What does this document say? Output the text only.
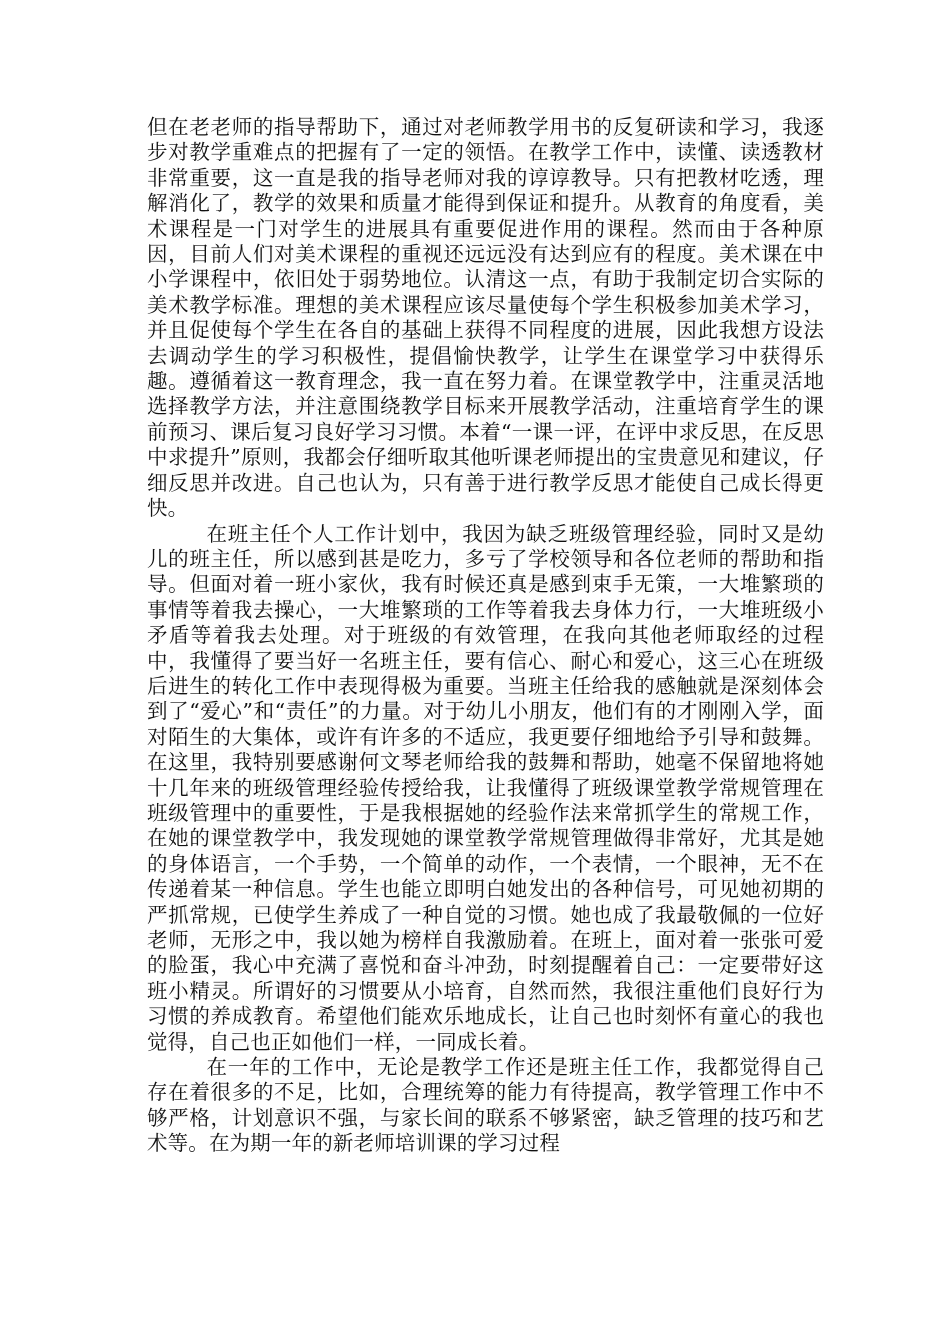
但在老老师的指导帮助下，通过对老师教学用书的反复研读和学习，我逐步对教学重难点的把握有了一定的领悟。在教学工作中，读懂、读透教材非常重要，这一直是我的指导老师对我的谆谆教导。只有把教材吃透，理解消化了，教学的效果和质量才能得到保证和提升。从教育的角度看，美术课程是一门对学生的进展具有重要促进作用的课程。然而由于各种原因，目前人们对美术课程的重视还远远没有达到应有的程度。美术课在中小学课程中，依旧处于弱势地位。认清这一点，有助于我制定切合实际的美术教学标准。理想的美术课程应该尽量使每个学生积极参加美术学习，并且促使每个学生在各自的基础上获得不同程度的进展，因此我想方设法去调动学生的学习积极性，提倡愉快教学，让学生在课堂学习中获得乐趣。遵循着这一教育理念，我一直在努力着。在课堂教学中，注重灵活地选择教学方法，并注意围绕教学目标来开展教学活动，注重培育学生的课前预习、课后复习良好学习习惯。本着“一课一评，在评中求反思，在反思中求提升”原则，我都会仔细听取其他听课老师提出的宝贵意见和建议，仔细反思并改进。自己也认为，只有善于进行教学反思才能使自己成长得更快。

在班主任个人工作计划中，我因为缺乏班级管理经验，同时又是幼儿的班主任，所以感到甚是吃力，多亏了学校领导和各位老师的帮助和指导。但面对着一班小家伙，我有时候还真是感到束手无策，一大堆繁琐的事情等着我去操心，一大堆繁琐的工作等着我去身体力行，一大堆班级小矛盾等着我去处理。对于班级的有效管理，在我向其他老师取经的过程中，我懂得了要当好一名班主任，要有信心、耐心和爱心，这三心在班级后进生的转化工作中表现得极为重要。当班主任给我的感触就是深刻体会到了“爱心”和“责任”的力量。对于幼儿小朋友，他们有的才刚刚入学，面对陌生的大集体，或许有许多的不适应，我更要仔细地给予引导和鼓舞。在这里，我特别要感谢何文琴老师给我的鼓舞和帮助，她毫不保留地将她十几年来的班级管理经验传授给我，让我懂得了班级课堂教学常规管理在班级管理中的重要性，于是我根据她的经验作法来常抓学生的常规工作，在她的课堂教学中，我发现她的课堂教学常规管理做得非常好，尤其是她的身体语言，一个手势，一个简单的动作，一个表情，一个眼神，无不在传递着某一种信息。学生也能立即明白她发出的各种信号，可见她初期的严抓常规，已使学生养成了一种自觉的习惯。她也成了我最敬佩的一位好老师，无形之中，我以她为榜样自我激励着。在班上，面对着一张张可爱的脸蛋，我心中充满了喜悦和奋斗冲劲，时刻提醒着自己：一定要带好这班小精灵。所谓好的习惯要从小培育，自然而然，我很注重他们良好行为习惯的养成教育。希望他们能欢乐地成长，让自己也时刻怀有童心的我也觉得，自己也正如他们一样，一同成长着。

在一年的工作中，无论是教学工作还是班主任工作，我都觉得自己存在着很多的不足，比如，合理统筹的能力有待提高，教学管理工作中不够严格，计划意识不强，与家长间的联系不够紧密，缺乏管理的技巧和艺术等。在为期一年的新老师培训课的学习过程
